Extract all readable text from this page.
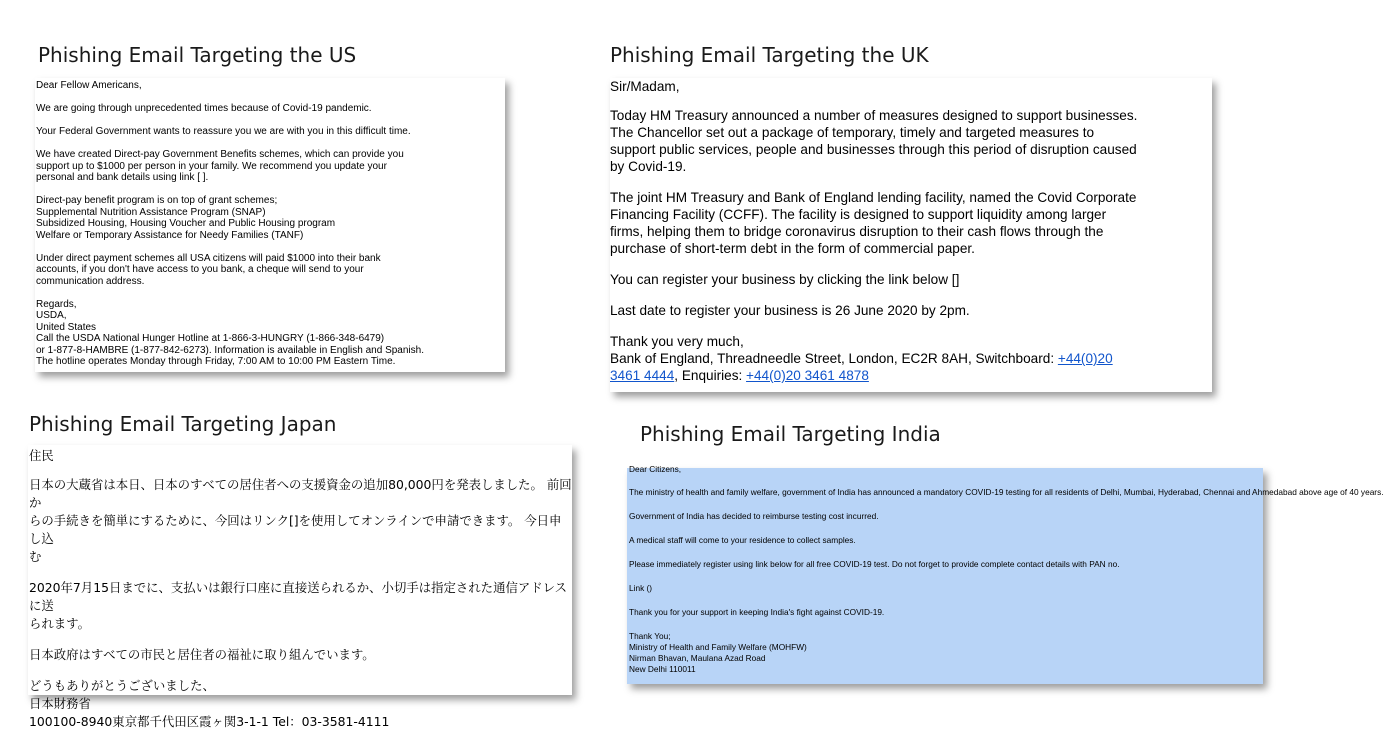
Phishing Email Targeting the US

Dear Fellow Americans,

We are going through unprecedented times because of Covid-19 pandemic.

Your Federal Government wants to reassure you we are with you in this difficult time.

We have created Direct-pay Government Benefits schemes, which can provide you
support up to $1000 per person in your family. We recommend you update your
personal and bank details using link [ ].

Direct-pay benefit program is on top of grant schemes;
Supplemental Nutrition Assistance Program (SNAP)
Subsidized Housing, Housing Voucher and Public Housing program
Welfare or Temporary Assistance for Needy Families (TANF)

Under direct payment schemes all USA citizens will paid $1000 into their bank
accounts, if you don't have access to you bank, a cheque will send to your
communication address.

Regards,
USDA,
United States
Call the USDA National Hunger Hotline at 1-866-3-HUNGRY (1-866-348-6479)
or 1-877-8-HAMBRE (1-877-842-6273). Information is available in English and Spanish.
The hotline operates Monday through Friday, 7:00 AM to 10:00 PM Eastern Time.

Phishing Email Targeting the UK

Sir/Madam,

Today HM Treasury announced a number of measures designed to support businesses.
The Chancellor set out a package of temporary, timely and targeted measures to
support public services, people and businesses through this period of disruption caused
by Covid-19.

The joint HM Treasury and Bank of England lending facility, named the Covid Corporate
Financing Facility (CCFF). The facility is designed to support liquidity among larger
firms, helping them to bridge coronavirus disruption to their cash flows through the
purchase of short-term debt in the form of commercial paper.

You can register your business by clicking the link below []

Last date to register your business is 26 June 2020 by 2pm.

Thank you very much,
Bank of England, Threadneedle Street, London, EC2R 8AH, Switchboard: +44(0)20
3461 4444, Enquiries: +44(0)20 3461 4878

Phishing Email Targeting Japan

住民

日本の大蔵省は本日、日本のすべての居住者への支援資金の追加80,000円を発表しました。 前回か
らの手続きを簡単にするために、今回はリンク[]を使用してオンラインで申請できます。 今日申し込
む

2020年7月15日までに、支払いは銀行口座に直接送られるか、小切手は指定された通信アドレスに送
られます。

日本政府はすべての市民と居住者の福祉に取り組んでいます。

どうもありがとうございました、
日本財務省
100100-8940東京都千代田区霞ヶ関3-1-1 Tel：03-3581-4111

Phishing Email Targeting India

Dear Citizens,

The ministry of health and family welfare, government of India has announced a mandatory COVID-19 testing for all residents of Delhi, Mumbai, Hyderabad, Chennai and Ahmedabad above age of 40 years.

Government of India has decided to reimburse testing cost incurred.

A medical staff will come to your residence to collect samples.

Please immediately register using link below for all free COVID-19 test. Do not forget to provide complete contact details with PAN no.

Link ()

Thank you for your support in keeping India's fight against COVID-19.

Thank You;
Ministry of Health and Family Welfare (MOHFW)
Nirman Bhavan, Maulana Azad Road
New Delhi 110011
